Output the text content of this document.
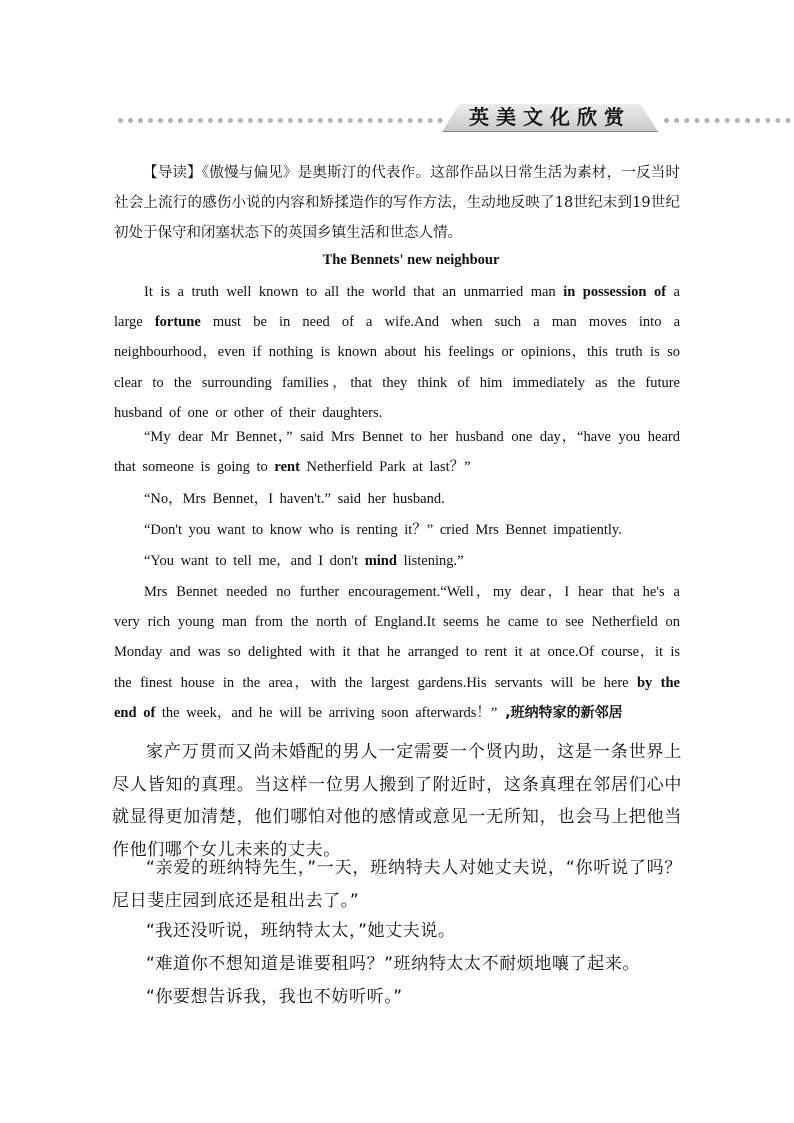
英美文化欣赏

【导读】《傲慢与偏见》是奥斯汀的代表作。这部作品以日常生活为素材，一反当时社会上流行的感伤小说的内容和矫揉造作的写作方法，生动地反映了18世纪末到19世纪初处于保守和闭塞状态下的英国乡镇生活和世态人情。

The Bennets' new neighbour

It is a truth well known to all the world that an unmarried man in possession of a large fortune must be in need of a wife.And when such a man moves into a neighbourhood，even if nothing is known about his feelings or opinions，this truth is so clear to the surrounding families，that they think of him immediately as the future husband of one or other of their daughters.

“My dear Mr Bennet，” said Mrs Bennet to her husband one day，“have you heard that someone is going to rent Netherfield Park at last？”

“No，Mrs Bennet，I haven't.” said her husband.

“Don't you want to know who is renting it？” cried Mrs Bennet impatiently.

“You want to tell me，and I don't mind listening.”

Mrs Bennet needed no further encouragement.“Well，my dear，I hear that he's a very rich young man from the north of England.It seems he came to see Netherfield on Monday and was so delighted with it that he arranged to rent it at once.Of course，it is the finest house in the area，with the largest gardens.His servants will be here by the end of the week，and he will be arriving soon afterwards！” ,班纳特家的新邻居

家产万贯而又尚未婚配的男人一定需要一个贤内助，这是一条世界上尽人皆知的真理。当这样一位男人搬到了附近时，这条真理在邻居们心中就显得更加清楚，他们哪怕对他的感情或意见一无所知，也会马上把他当作他们哪个女儿未来的丈夫。

“亲爱的班纳特先生，”一天，班纳特夫人对她丈夫说，“你听说了吗？尼日斐庄园到底还是租出去了。”

“我还没听说，班纳特太太，”她丈夫说。

“难道你不想知道是谁要租吗？”班纳特太太不耐烦地嚷了起来。

“你要想告诉我，我也不妨听听。”
